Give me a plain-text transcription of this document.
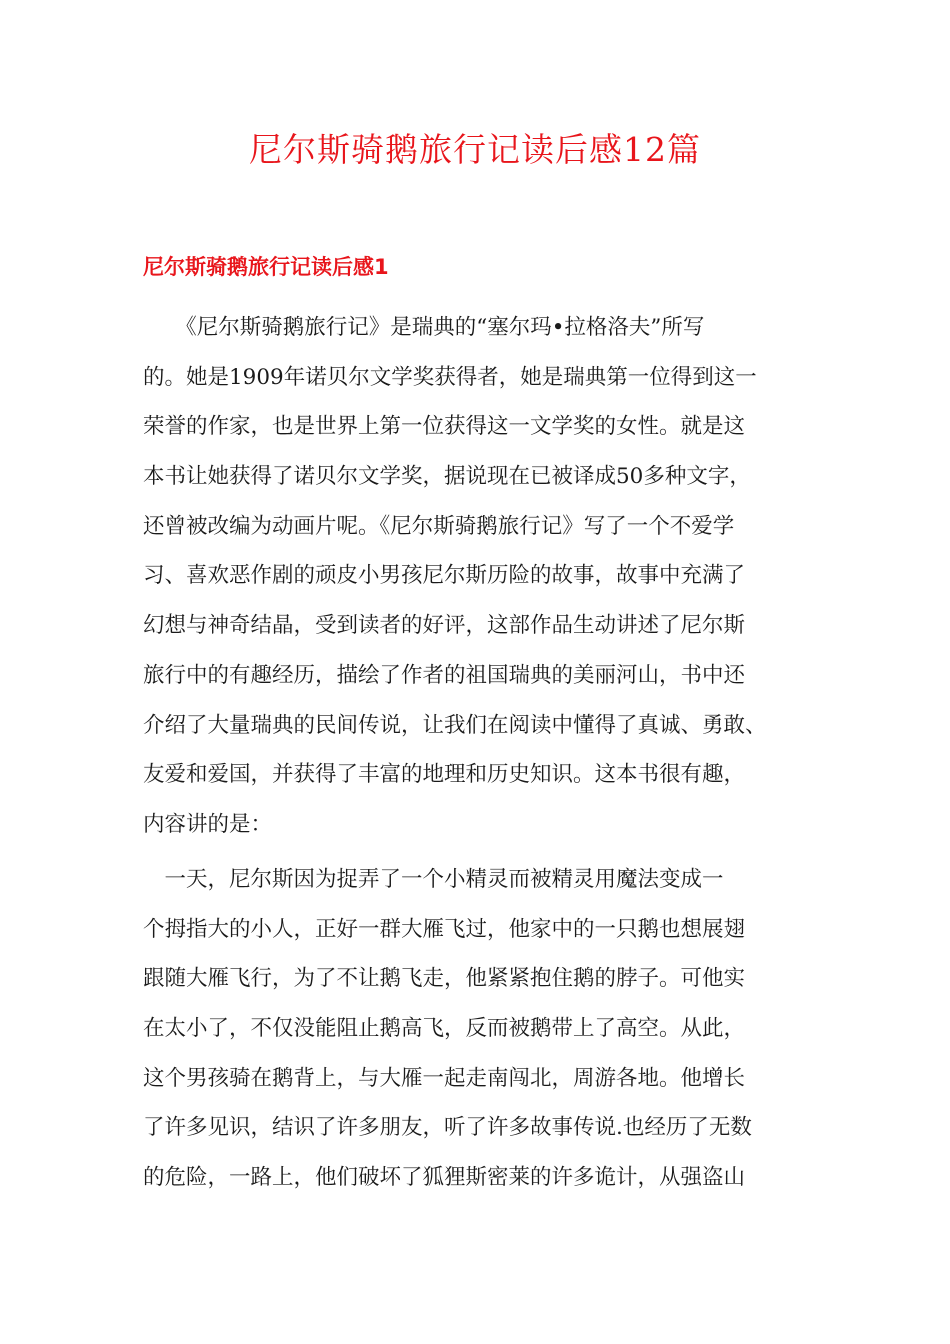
尼尔斯骑鹅旅行记读后感12篇
尼尔斯骑鹅旅行记读后感1

　　《尼尔斯骑鹅旅行记》是瑞典的“塞尔玛•拉格洛夫”所写
的。她是1909年诺贝尔文学奖获得者，她是瑞典第一位得到这一
荣誉的作家，也是世界上第一位获得这一文学奖的女性。就是这
本书让她获得了诺贝尔文学奖，据说现在已被译成50多种文字，
还曾被改编为动画片呢。《尼尔斯骑鹅旅行记》写了一个不爱学
习、喜欢恶作剧的顽皮小男孩尼尔斯历险的故事，故事中充满了
幻想与神奇结晶，受到读者的好评，这部作品生动讲述了尼尔斯
旅行中的有趣经历，描绘了作者的祖国瑞典的美丽河山，书中还
介绍了大量瑞典的民间传说，让我们在阅读中懂得了真诚、勇敢、
友爱和爱国，并获得了丰富的地理和历史知识。这本书很有趣，
内容讲的是：

　一天，尼尔斯因为捉弄了一个小精灵而被精灵用魔法变成一
个拇指大的小人，正好一群大雁飞过，他家中的一只鹅也想展翅
跟随大雁飞行，为了不让鹅飞走，他紧紧抱住鹅的脖子。可他实
在太小了，不仅没能阻止鹅高飞，反而被鹅带上了高空。从此，
这个男孩骑在鹅背上，与大雁一起走南闯北，周游各地。他增长
了许多见识，结识了许多朋友，听了许多故事传说.也经历了无数
的危险，一路上，他们破坏了狐狸斯密莱的许多诡计，从强盗山
